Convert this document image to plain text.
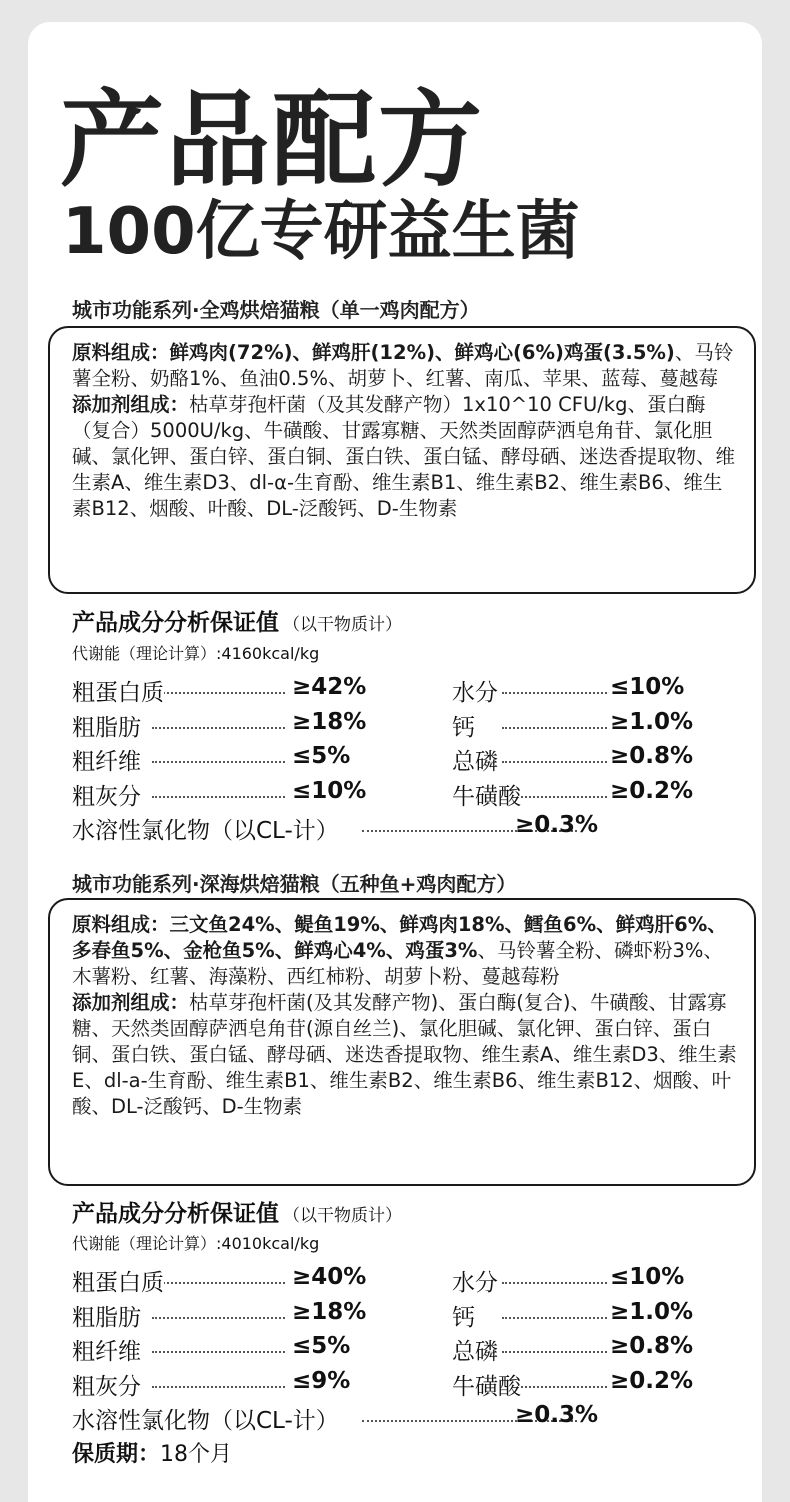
产品配方
100亿专研益生菌
城市功能系列·全鸡烘焙猫粮（单一鸡肉配方）
原料组成：鲜鸡肉(72%)、鲜鸡肝(12%)、鲜鸡心(6%)鸡蛋(3.5%)、马铃薯全粉、奶酪1%、鱼油0.5%、胡萝卜、红薯、南瓜、苹果、蓝莓、蔓越莓
添加剂组成：枯草芽孢杆菌（及其发酵产物）1x10^10 CFU/kg、蛋白酶（复合）5000U/kg、牛磺酸、甘露寡糖、天然类固醇萨洒皂角苷、氯化胆碱、氯化钾、蛋白锌、蛋白铜、蛋白铁、蛋白锰、酵母硒、迷迭香提取物、维生素A、维生素D3、dl-α-生育酚、维生素B1、维生素B2、维生素B6、维生素B12、烟酸、叶酸、DL-泛酸钙、D-生物素
产品成分分析保证值 （以干物质计）
代谢能（理论计算）:4160kcal/kg
粗蛋白质	≥42%	水分	≤10%
粗脂肪	≥18%	钙	≥1.0%
粗纤维	≤5%	总磷	≥0.8%
粗灰分	≤10%	牛磺酸	≥0.2%
水溶性氯化物（以CL-计）	≥0.3%
城市功能系列·深海烘焙猫粮（五种鱼+鸡肉配方）
原料组成：三文鱼24%、鳀鱼19%、鲜鸡肉18%、鳕鱼6%、鲜鸡肝6%、多春鱼5%、金枪鱼5%、鲜鸡心4%、鸡蛋3%、马铃薯全粉、磷虾粉3%、木薯粉、红薯、海藻粉、西红柿粉、胡萝卜粉、蔓越莓粉
添加剂组成：枯草芽孢杆菌(及其发酵产物)、蛋白酶(复合)、牛磺酸、甘露寡糖、天然类固醇萨洒皂角苷(源自丝兰)、氯化胆碱、氯化钾、蛋白锌、蛋白铜、蛋白铁、蛋白锰、酵母硒、迷迭香提取物、维生素A、维生素D3、维生素E、dl-a-生育酚、维生素B1、维生素B2、维生素B6、维生素B12、烟酸、叶酸、DL-泛酸钙、D-生物素
产品成分分析保证值 （以干物质计）
代谢能（理论计算）:4010kcal/kg
粗蛋白质	≥40%	水分	≤10%
粗脂肪	≥18%	钙	≥1.0%
粗纤维	≤5%	总磷	≥0.8%
粗灰分	≤9%	牛磺酸	≥0.2%
水溶性氯化物（以CL-计）	≥0.3%
保质期：18个月
